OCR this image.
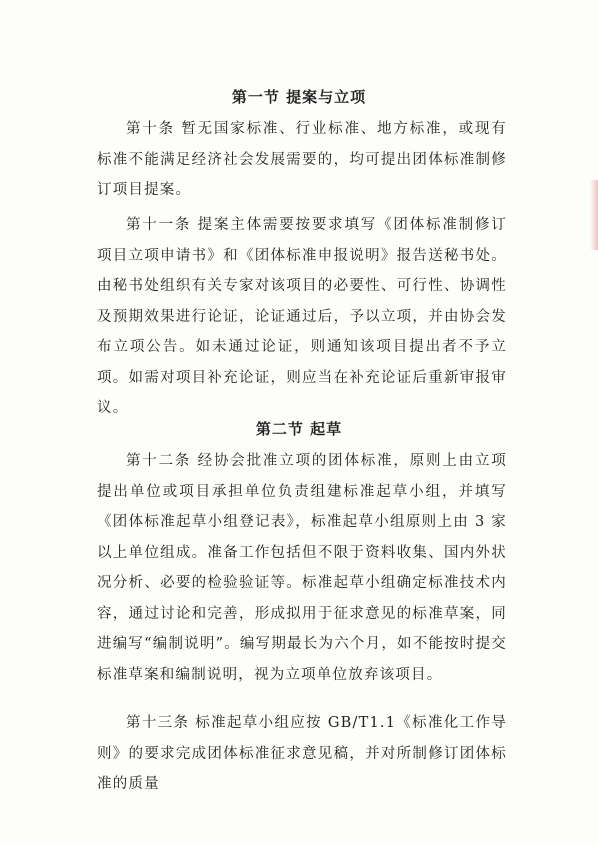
第一节 提案与立项
第十条 暂无国家标准、行业标准、地方标准，或现有标准不能满足经济社会发展需要的，均可提出团体标准制修订项目提案。
第十一条 提案主体需要按要求填写《团体标准制修订项目立项申请书》和《团体标准申报说明》报告送秘书处。由秘书处组织有关专家对该项目的必要性、可行性、协调性及预期效果进行论证，论证通过后，予以立项，并由协会发布立项公告。如未通过论证，则通知该项目提出者不予立项。如需对项目补充论证，则应当在补充论证后重新审报审议。
第二节 起草
第十二条 经协会批准立项的团体标准，原则上由立项提出单位或项目承担单位负责组建标准起草小组，并填写《团体标准起草小组登记表》，标准起草小组原则上由 3 家以上单位组成。准备工作包括但不限于资料收集、国内外状况分析、必要的检验验证等。标准起草小组确定标准技术内容，通过讨论和完善，形成拟用于征求意见的标准草案，同进编写“编制说明”。编写期最长为六个月，如不能按时提交标准草案和编制说明，视为立项单位放弃该项目。
第十三条 标准起草小组应按 GB/T1.1《标准化工作导则》的要求完成团体标准征求意见稿，并对所制修订团体标准的质量
